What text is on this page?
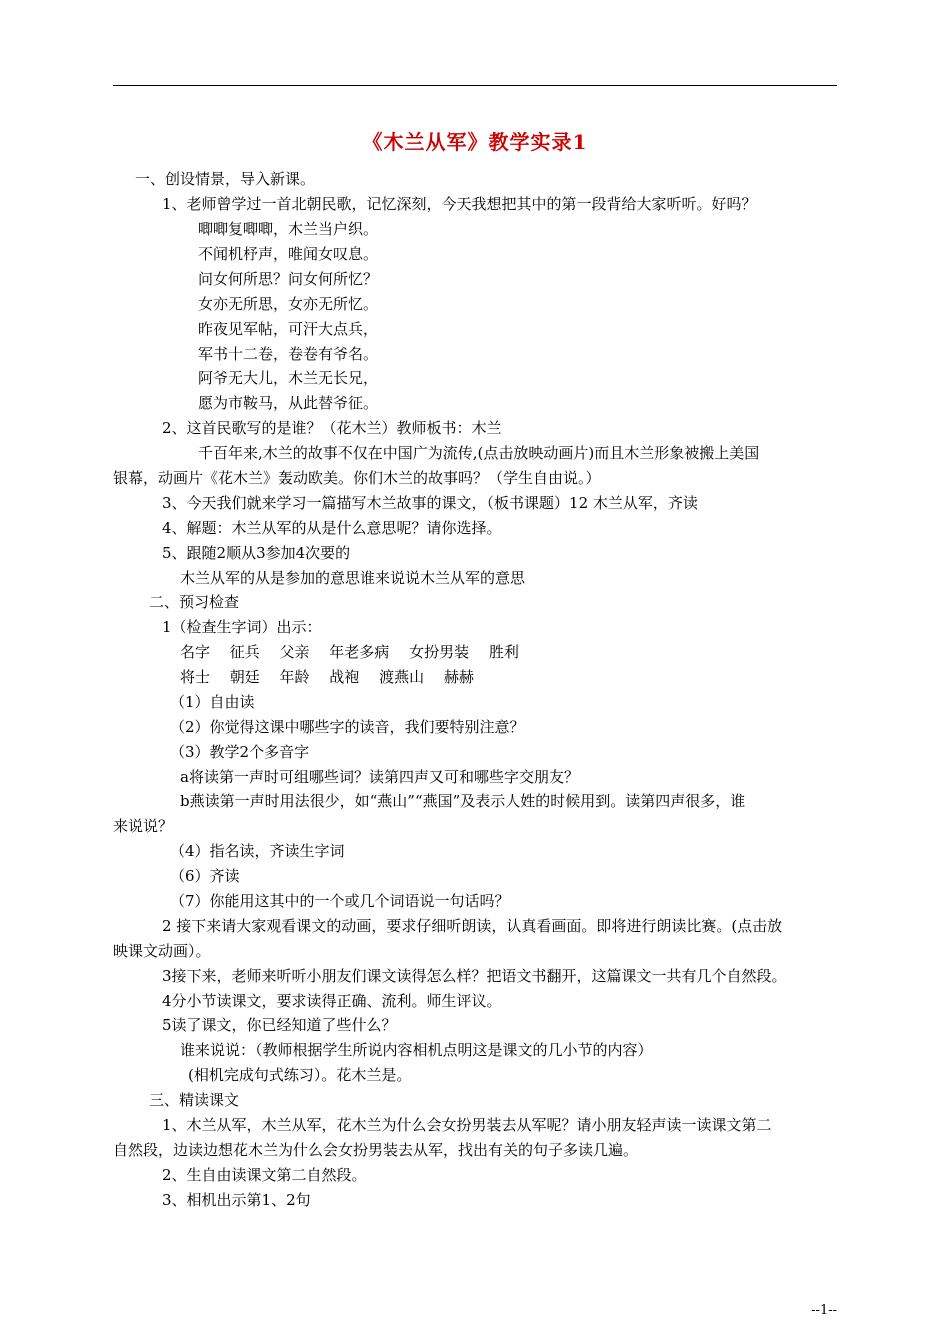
《木兰从军》教学实录1
一、创设情景，导入新课。
1、老师曾学过一首北朝民歌，记忆深刻，今天我想把其中的第一段背给大家听听。好吗？
唧唧复唧唧，木兰当户织。
不闻机杼声，唯闻女叹息。
问女何所思？问女何所忆？
女亦无所思，女亦无所忆。
昨夜见军帖，可汗大点兵，
军书十二卷，卷卷有爷名。
阿爷无大儿，木兰无长兄，
愿为市鞍马，从此替爷征。
2、这首民歌写的是谁？（花木兰）教师板书：木兰
千百年来,木兰的故事不仅在中国广为流传,(点击放映动画片)而且木兰形象被搬上美国
银幕，动画片《花木兰》轰动欧美。你们木兰的故事吗？（学生自由说。）
3、今天我们就来学习一篇描写木兰故事的课文，（板书课题）12 木兰从军，齐读
4、解题：木兰从军的从是什么意思呢？请你选择。
5、跟随2顺从3参加4次要的
木兰从军的从是参加的意思谁来说说木兰从军的意思
二、预习检查
1（检查生字词）出示：
名字　 征兵　 父亲　 年老多病　 女扮男装　 胜利
将士　 朝廷　 年龄　 战袍　 渡燕山　 赫赫
（1）自由读
（2）你觉得这课中哪些字的读音，我们要特别注意？
（3）教学2个多音字
a将读第一声时可组哪些词？读第四声又可和哪些字交朋友？
b燕读第一声时用法很少，如“燕山”“燕国”及表示人姓的时候用到。读第四声很多，谁
来说说？
（4）指名读，齐读生字词
（6）齐读
（7）你能用这其中的一个或几个词语说一句话吗？
2 接下来请大家观看课文的动画，要求仔细听朗读，认真看画面。即将进行朗读比赛。(点击放
映课文动画）。
3接下来，老师来听听小朋友们课文读得怎么样？把语文书翻开，这篇课文一共有几个自然段。
4分小节读课文，要求读得正确、流利。师生评议。
5读了课文，你已经知道了些什么？
谁来说说：（教师根据学生所说内容相机点明这是课文的几小节的内容）
(相机完成句式练习）。花木兰是。
三、精读课文
1、木兰从军，木兰从军，花木兰为什么会女扮男装去从军呢？请小朋友轻声读一读课文第二
自然段，边读边想花木兰为什么会女扮男装去从军，找出有关的句子多读几遍。
2、生自由读课文第二自然段。
3、相机出示第1、2句
--1--
